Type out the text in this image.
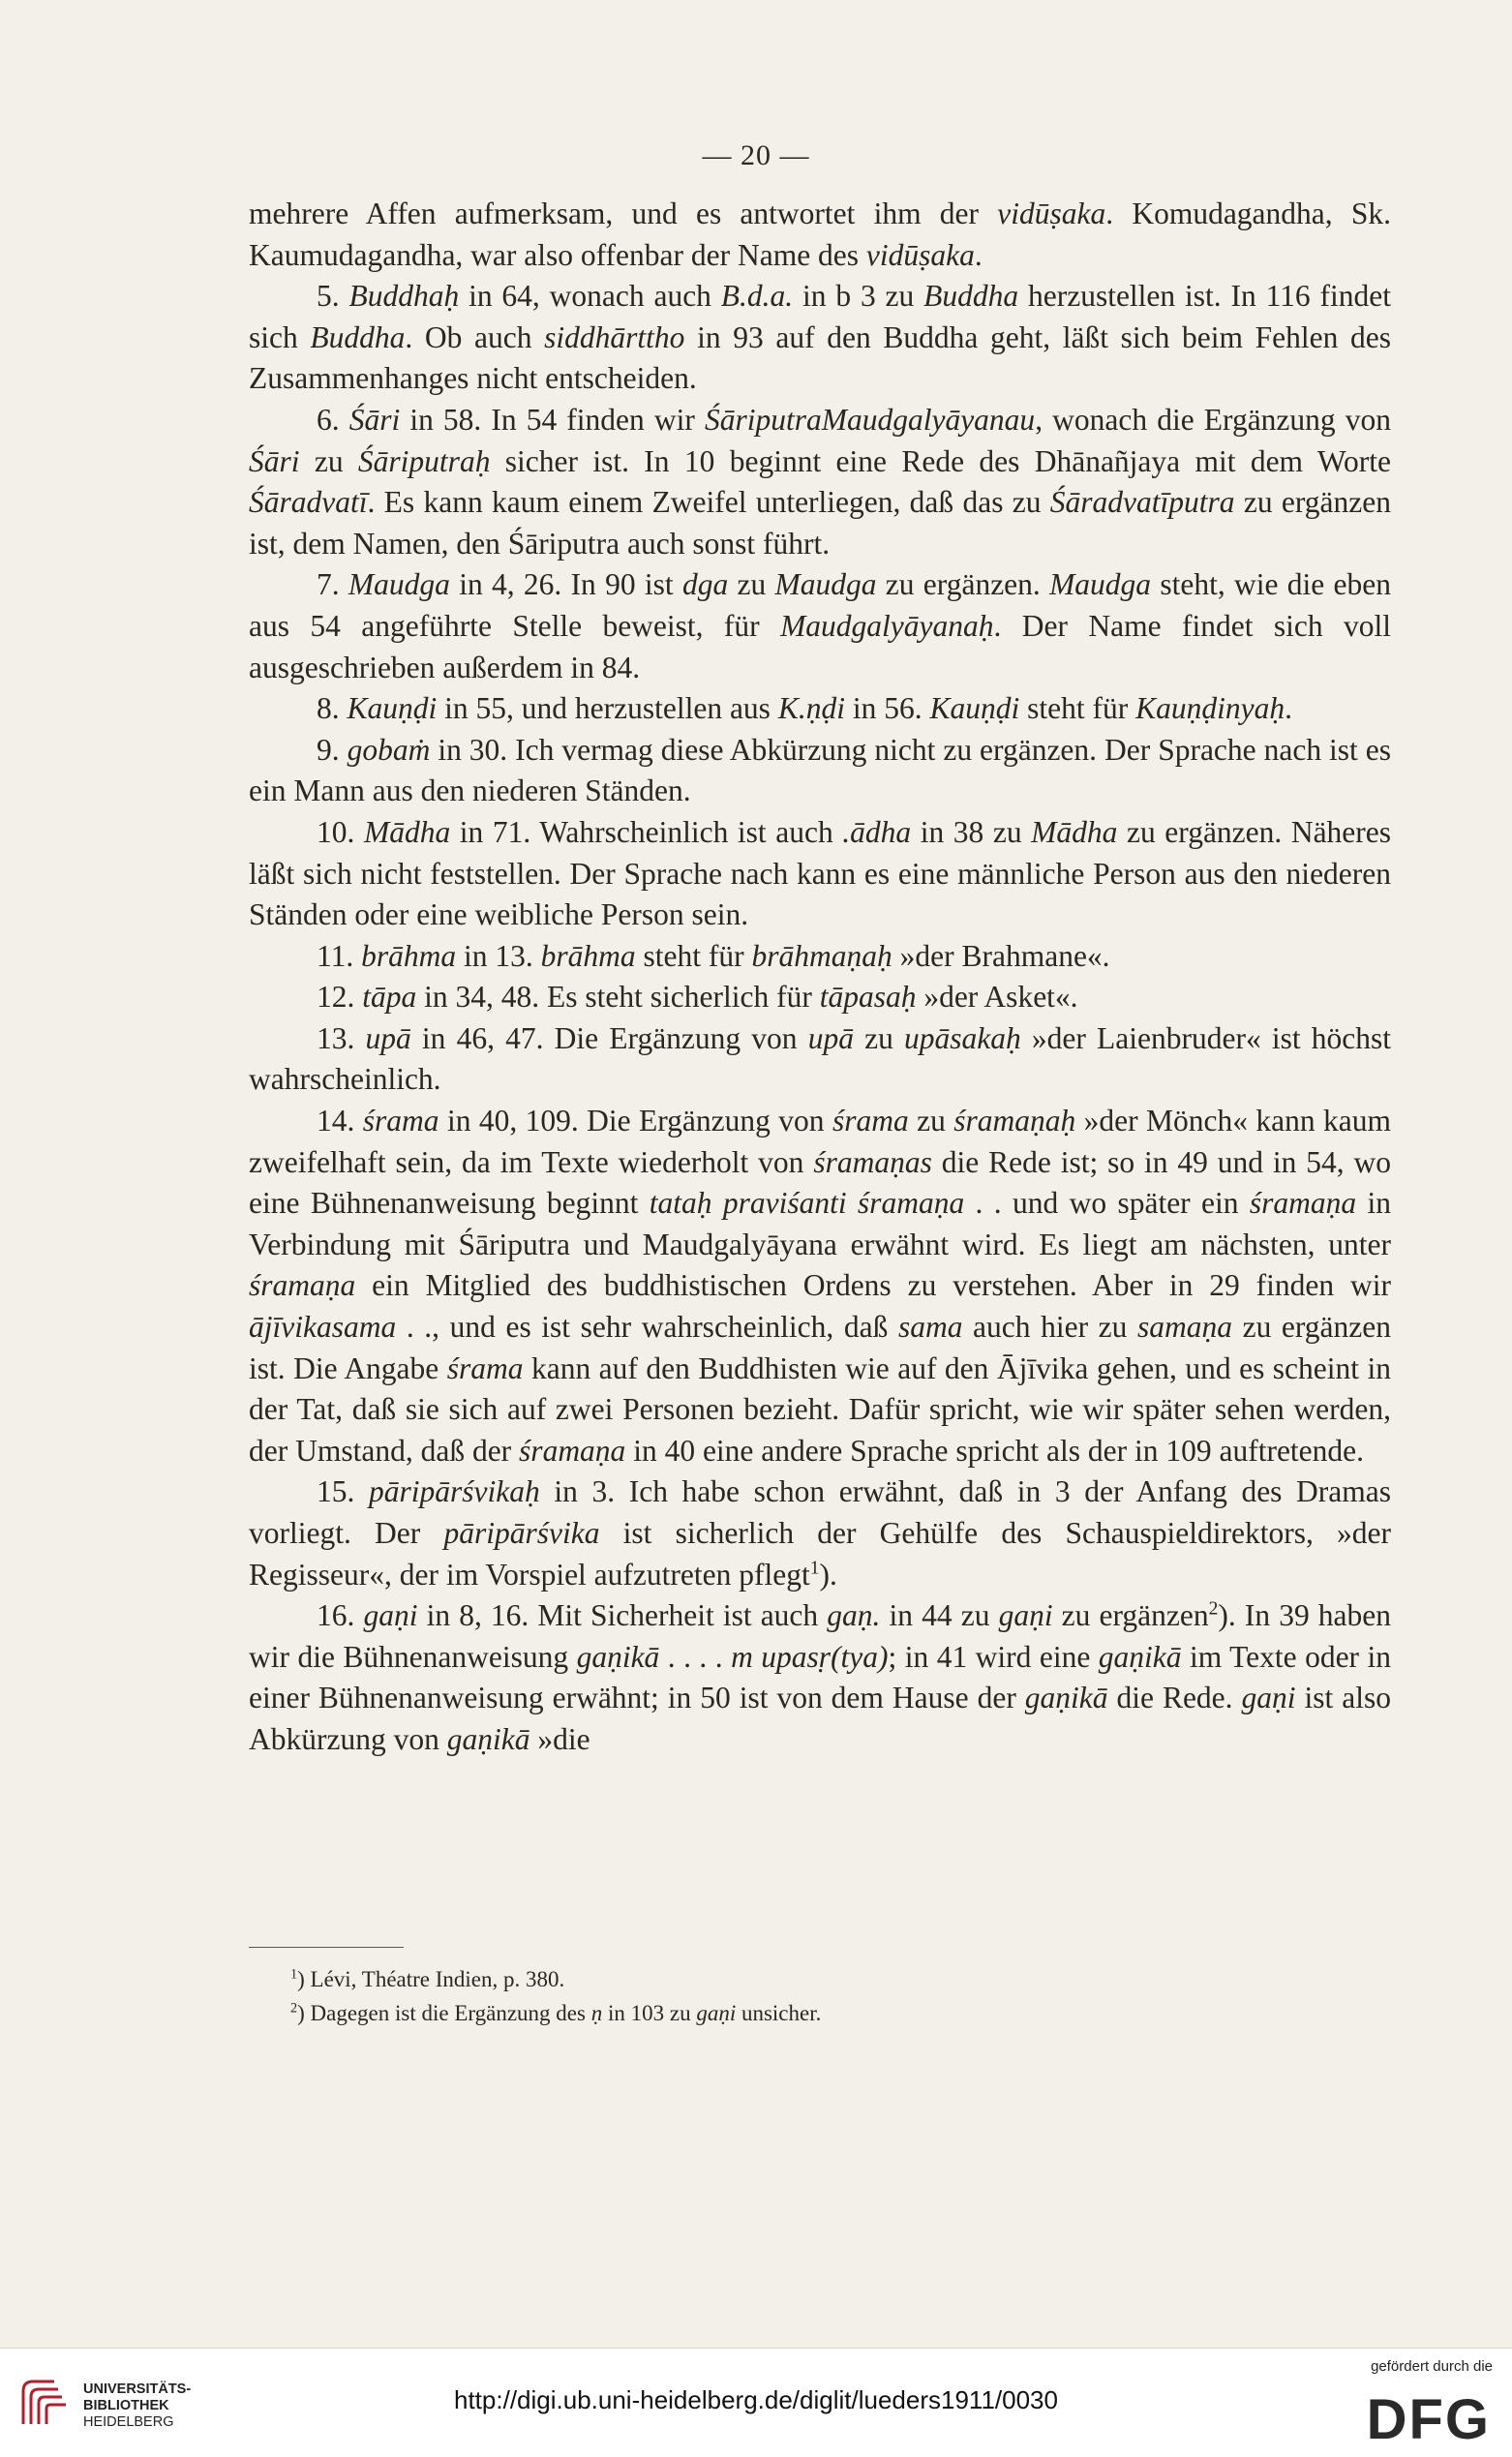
— 20 —

mehrere Affen aufmerksam, und es antwortet ihm der vidūṣaka. Komudagandha, Sk. Kaumudagandha, war also offenbar der Name des vidūṣaka.

5. Buddhaḥ in 64, wonach auch B.d.a. in b 3 zu Buddha herzustellen ist. In 116 findet sich Buddha. Ob auch siddhārttho in 93 auf den Buddha geht, läßt sich beim Fehlen des Zusammenhanges nicht entscheiden.

6. Śāri in 58. In 54 finden wir ŚāriputraMaudgalyāyanau, wonach die Ergänzung von Śāri zu Śāriputraḥ sicher ist. In 10 beginnt eine Rede des Dhānañjaya mit dem Worte Śāradvatī. Es kann kaum einem Zweifel unterliegen, daß das zu Śāradvatīputra zu ergänzen ist, dem Namen, den Śāriputra auch sonst führt.

7. Maudga in 4, 26. In 90 ist dga zu Maudga zu ergänzen. Maudga steht, wie die eben aus 54 angeführte Stelle beweist, für Maudgalyāyanaḥ. Der Name findet sich voll ausgeschrieben außerdem in 84.

8. Kauṇḍi in 55, und herzustellen aus K.ṇḍi in 56. Kauṇḍi steht für Kauṇḍinyaḥ.

9. gobaṁ in 30. Ich vermag diese Abkürzung nicht zu ergänzen. Der Sprache nach ist es ein Mann aus den niederen Ständen.

10. Mādha in 71. Wahrscheinlich ist auch .ādha in 38 zu Mādha zu ergänzen. Näheres läßt sich nicht feststellen. Der Sprache nach kann es eine männliche Person aus den niederen Ständen oder eine weibliche Person sein.

11. brāhma in 13. brāhma steht für brāhmaṇaḥ »der Brahmane«.

12. tāpa in 34, 48. Es steht sicherlich für tāpasaḥ »der Asket«.

13. upā in 46, 47. Die Ergänzung von upā zu upāsakaḥ »der Laienbruder« ist höchst wahrscheinlich.

14. śrama in 40, 109. Die Ergänzung von śrama zu śramaṇaḥ »der Mönch« kann kaum zweifelhaft sein, da im Texte wiederholt von śramaṇas die Rede ist; so in 49 und in 54, wo eine Bühnenanweisung beginnt tataḥ praviśanti śramaṇa . . und wo später ein śramaṇa in Verbindung mit Śāriputra und Maudgalyāyana erwähnt wird. Es liegt am nächsten, unter śramaṇa ein Mitglied des buddhistischen Ordens zu verstehen. Aber in 29 finden wir ājīvikasama . ., und es ist sehr wahrscheinlich, daß sama auch hier zu samaṇa zu ergänzen ist. Die Angabe śrama kann auf den Buddhisten wie auf den Ājīvika gehen, und es scheint in der Tat, daß sie sich auf zwei Personen bezieht. Dafür spricht, wie wir später sehen werden, der Umstand, daß der śramaṇa in 40 eine andere Sprache spricht als der in 109 auftretende.

15. pāripārśvikaḥ in 3. Ich habe schon erwähnt, daß in 3 der Anfang des Dramas vorliegt. Der pāripārśvika ist sicherlich der Gehülfe des Schauspieldirektors, »der Regisseur«, der im Vorspiel aufzutreten pflegt$^1$).

16. gaṇi in 8, 16. Mit Sicherheit ist auch gaṇ. in 44 zu gaṇi zu ergänzen$^2$). In 39 haben wir die Bühnenanweisung gaṇikā . . . . m upasṛ(tya); in 41 wird eine gaṇikā im Texte oder in einer Bühnenanweisung erwähnt; in 50 ist von dem Hause der gaṇikā die Rede. gaṇi ist also Abkürzung von gaṇikā »die

$^1$) Lévi, Théatre Indien, p. 380.

$^2$) Dagegen ist die Ergänzung des ṇ in 103 zu gaṇi unsicher.

UNIVERSITÄTS-
BIBLIOTHEK
HEIDELBERG
http://digi.ub.uni-heidelberg.de/diglit/lueders1911/0030
gefördert durch die
DFG
